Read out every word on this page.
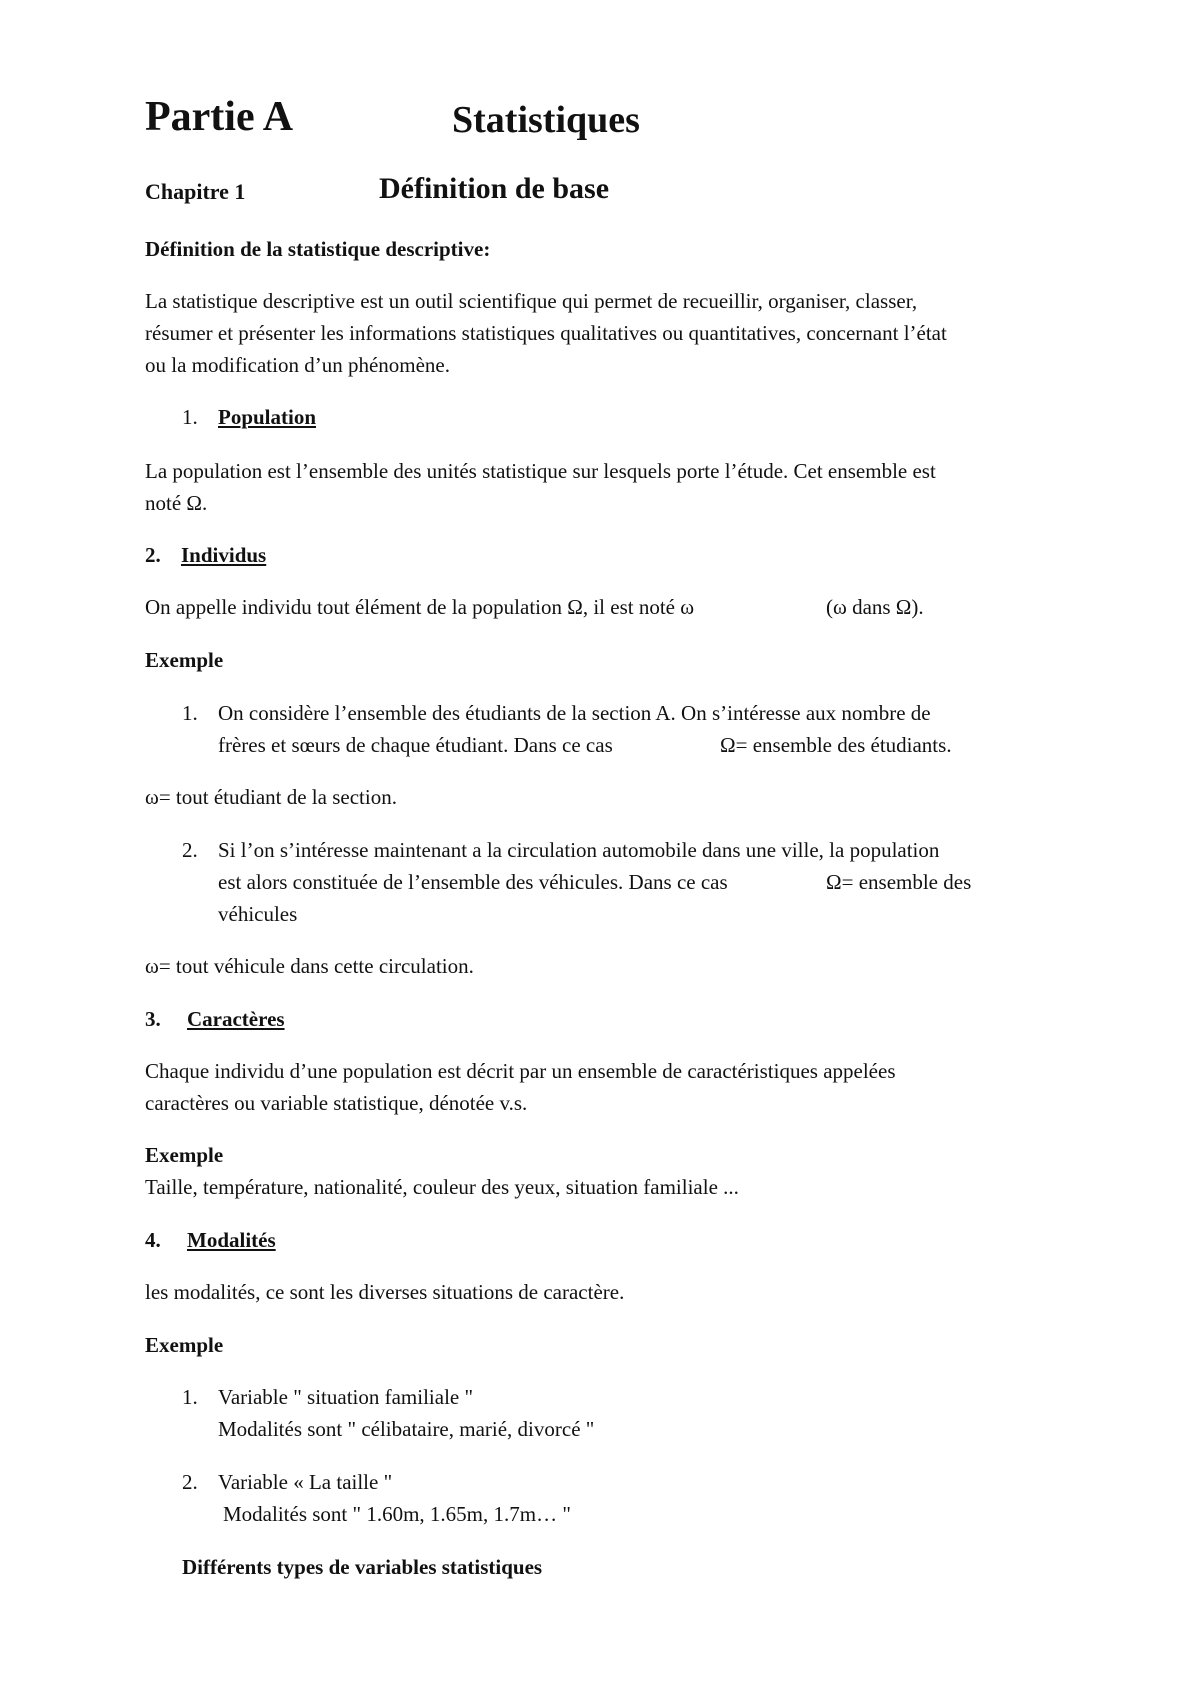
Partie A	Statistiques
Chapitre 1	Définition de base
Définition de la statistique descriptive:
La statistique descriptive est un outil scientifique qui permet de recueillir, organiser, classer,
résumer et présenter les informations statistiques qualitatives ou quantitatives, concernant l’état
ou la modification d’un phénomène.
1. Population
La population est l’ensemble des unités statistique sur lesquels porte l’étude. Cet ensemble est
noté Ω.
2. Individus
On appelle individu tout élément de la population Ω, il est noté ω	(ω dans Ω).
Exemple
1. On considère l’ensemble des étudiants de la section A. On s’intéresse aux nombre de
frères et sœurs de chaque étudiant. Dans ce cas	Ω= ensemble des étudiants.
ω= tout étudiant de la section.
2. Si l’on s’intéresse maintenant a la circulation automobile dans une ville, la population
est alors constituée de l’ensemble des véhicules. Dans ce cas	Ω= ensemble des
véhicules
ω= tout véhicule dans cette circulation.
3. Caractères
Chaque individu d’une population est décrit par un ensemble de caractéristiques appelées
caractères ou variable statistique, dénotée v.s.
Exemple
Taille, température, nationalité, couleur des yeux, situation familiale ...
4. Modalités
les modalités, ce sont les diverses situations de caractère.
Exemple
1. Variable " situation familiale "
Modalités sont " célibataire, marié, divorcé "
2. Variable « La taille "
Modalités sont " 1.60m, 1.65m, 1.7m… "
Différents types de variables statistiques
